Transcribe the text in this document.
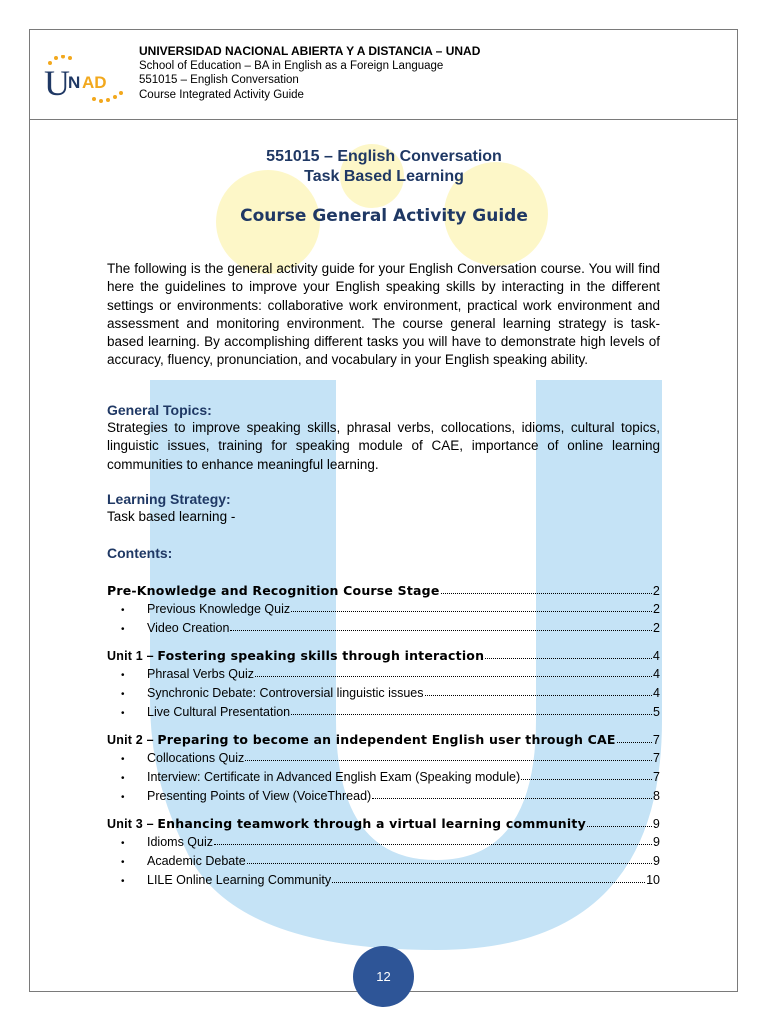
U
N AD
UNIVERSIDAD NACIONAL ABIERTA Y A DISTANCIA – UNAD
School of Education – BA in English as a Foreign Language
551015 – English Conversation
Course Integrated Activity Guide
551015 – English Conversation
Task Based Learning
Course General Activity Guide
The following is the general activity guide for your English Conversation course. You will find here the guidelines to improve your English speaking skills by interacting in the different settings or environments: collaborative work environment, practical work environment and assessment and monitoring environment. The course general learning strategy is task-based learning. By accomplishing different tasks you will have to demonstrate high levels of accuracy, fluency, pronunciation, and vocabulary in your English speaking ability.
General Topics:
Strategies to improve speaking skills, phrasal verbs, collocations, idioms, cultural topics, linguistic issues, training for speaking module of CAE, importance of online learning communities to enhance meaningful learning.
Learning Strategy:
Task based learning -
Contents:
Pre-Knowledge and Recognition Course Stage	2
•	Previous Knowledge Quiz	2
•	Video Creation	2
Unit 1 – Fostering speaking skills through interaction	4
•	Phrasal Verbs Quiz	4
•	Synchronic Debate: Controversial linguistic issues	4
•	Live Cultural Presentation	5
Unit 2 – Preparing to become an independent English user through CAE	7
•	Collocations Quiz	7
•	Interview: Certificate in Advanced English Exam (Speaking module)	7
•	Presenting Points of View (VoiceThread)	8
Unit 3 – Enhancing teamwork through a virtual learning community	9
•	Idioms Quiz	9
•	Academic Debate	9
•	LILE Online Learning Community	10
12
